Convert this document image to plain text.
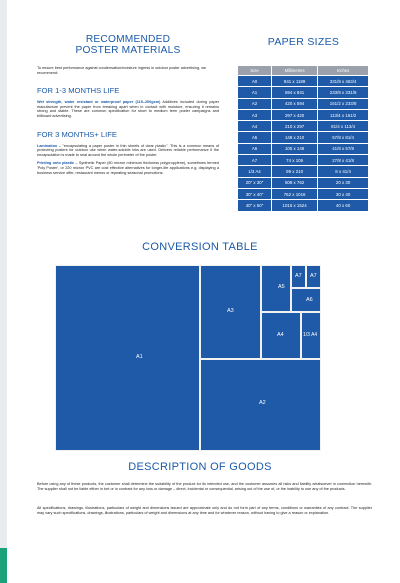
RECOMMENDED
POSTER MATERIALS

To ensure best performance against condensation/moisture ingress in outdoor poster advertising, we recommend:

FOR 1-3 MONTHS LIFE

Wet strength, water resistant or waterproof paper (115–200gsm) Additives included during paper manufacture prevent the paper from breaking apart when in contact with moisture, ensuring it remains strong and stable. These are common specification for short to medium term poster campaigns and billboard advertising.

FOR 3 MONTHS+ LIFE

Lamination – "encapsulating a paper poster in thin sheets of clear plastic". This is a common means of protecting posters for outdoor use when water-soluble inks are used. Delivers reliable performance if the encapsulation is made to seal around the whole perimeter of the poster.

Printing onto plastic – Synthetic Paper (80 micron minimum thickness polypropylene), sometimes termed 'Poly Poster', or 220 micron PVC are cost effective alternatives for longer-life applications e.g. displaying a business service offer, restaurant menus or repeating seasonal promotions.

PAPER SIZES
Size	Millimetres	Inches
A0	841 x 1189	331/8 x 463/4
A1	594 x 841	233/8 x 331/8
A2	420 x 594	161/2 x 233/8
A3	297 x 420	113/4 x 161/2
A4	210 x 297	81/4 x 113/4
A5	148 x 210	57/8 x 81/4
A6	105 x 148	41/8 x 57/8
A7	74 x 105	27/8 x 41/8
1/3 A4	99 x 210	8 x 41/4
20" x 30"	508 x 762	20 x 30
30" x 40"	762 x 1016	30 x 40
40" x 60"	1016 x 1524	40 x 60
CONVERSION TABLE
A1
A2
A3
A4	1/3 A4
A5
A6
A7 A7
DESCRIPTION OF GOODS

Before using any of these products, the customer shall determine the suitability of the product for its intended use, and the customer assumes all risks and liability whatsoever in connection herewith. The supplier shall not be liable either in tort or in contract for any loss or damage – direct, incidental or consequential, arising out of the use of, or the inability to use any of the products.

All specifications, drawings, illustrations, particulars of weight and dimensions issued are approximate only and do not form part of any terms, conditions or warranties of any contract. The supplier may vary such specifications, drawings, illustrations, particulars of weight and dimensions at any time and for whatever reason, without having to give a reason or explanation.
